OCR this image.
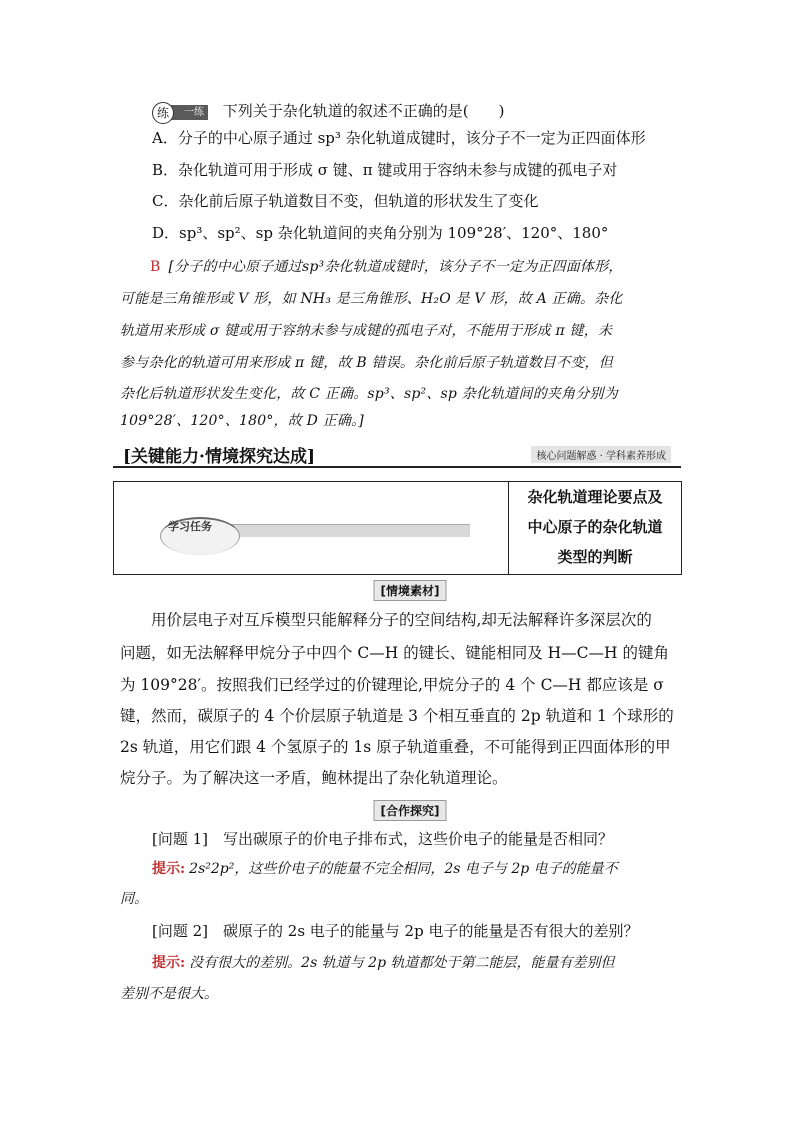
一练
练	下列关于杂化轨道的叙述不正确的是(　　)
A．分子的中心原子通过 sp³ 杂化轨道成键时，该分子不一定为正四面体形
B．杂化轨道可用于形成 σ 键、π 键或用于容纳未参与成键的孤电子对
C．杂化前后原子轨道数目不变，但轨道的形状发生了变化
D．sp³、sp²、sp 杂化轨道间的夹角分别为 109°28′、120°、180°
B [分子的中心原子通过sp³杂化轨道成键时，该分子不一定为正四面体形，
可能是三角锥形或 V 形，如 NH₃ 是三角锥形、H₂O 是 V 形，故 A 正确。杂化
轨道用来形成 σ 键或用于容纳未参与成键的孤电子对，不能用于形成 π 键，未
参与杂化的轨道可用来形成 π 键，故 B 错误。杂化前后原子轨道数目不变，但
杂化后轨道形状发生变化，故 C 正确。sp³、sp²、sp 杂化轨道间的夹角分别为
109°28′、120°、180°，故 D 正确。]
[关键能力·情境探究达成]	核心问题解惑 · 学科素养形成
学习任务
杂化轨道理论要点及
中心原子的杂化轨道
类型的判断
[情境素材]
　　用价层电子对互斥模型只能解释分子的空间结构,却无法解释许多深层次的
问题，如无法解释甲烷分子中四个 C—H 的键长、键能相同及 H—C—H 的键角
为 109°28′。按照我们已经学过的价键理论,甲烷分子的 4 个 C—H 都应该是 σ
键，然而，碳原子的 4 个价层原子轨道是 3 个相互垂直的 2p 轨道和 1 个球形的
2s 轨道，用它们跟 4 个氢原子的 1s 原子轨道重叠，不可能得到正四面体形的甲
烷分子。为了解决这一矛盾，鲍林提出了杂化轨道理论。
[合作探究]
[问题 1]　写出碳原子的价电子排布式，这些价电子的能量是否相同？
提示: 2s²2p²，这些价电子的能量不完全相同，2s 电子与 2p 电子的能量不
同。
[问题 2]　碳原子的 2s 电子的能量与 2p 电子的能量是否有很大的差别？
提示: 没有很大的差别。2s 轨道与 2p 轨道都处于第二能层，能量有差别但
差别不是很大。
